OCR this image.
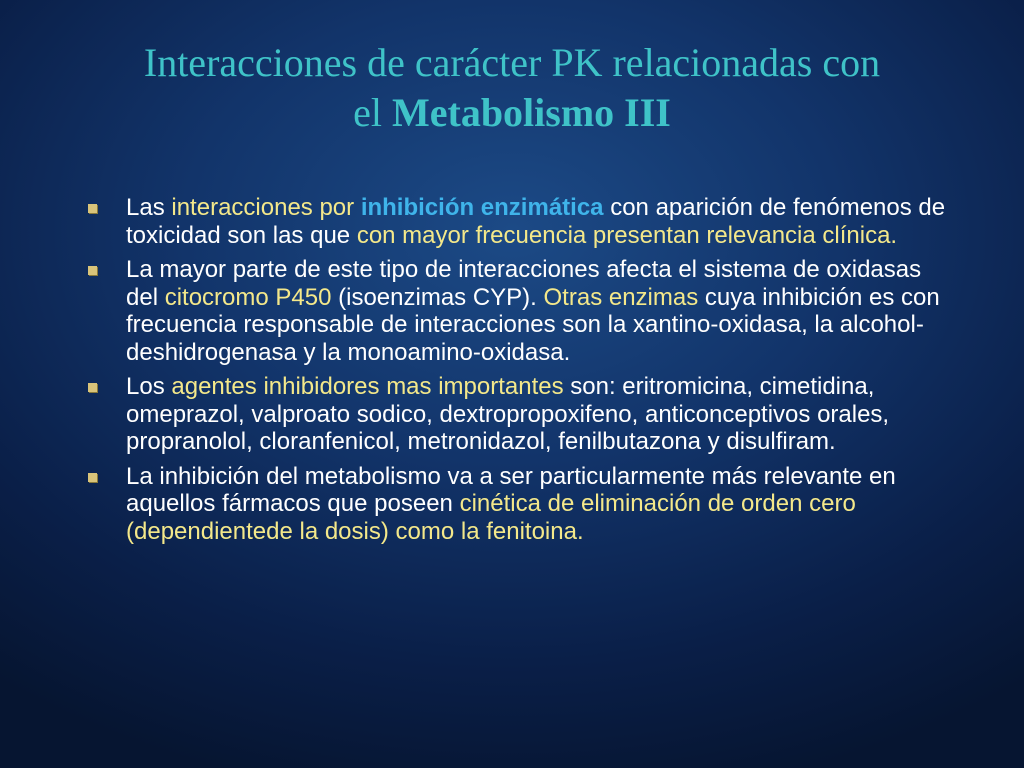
Interacciones de carácter PK relacionadas con
el Metabolismo III
Las interacciones por inhibición enzimática con aparición de fenómenos de toxicidad son las que con mayor frecuencia presentan relevancia clínica.
La mayor parte de este tipo de interacciones afecta el sistema de oxidasas del citocromo P450 (isoenzimas CYP). Otras enzimas cuya inhibición es con frecuencia responsable de interacciones son la xantino-oxidasa, la alcohol-deshidrogenasa y la monoamino-oxidasa.
Los agentes inhibidores mas importantes son: eritromicina, cimetidina, omeprazol, valproato sodico, dextropropoxifeno, anticonceptivos orales, propranolol, cloranfenicol, metronidazol, fenilbutazona y disulfiram.
La inhibición del metabolismo va a ser particularmente más relevante en aquellos fármacos que poseen cinética de eliminación de orden cero (dependientede la dosis) como la fenitoina.
